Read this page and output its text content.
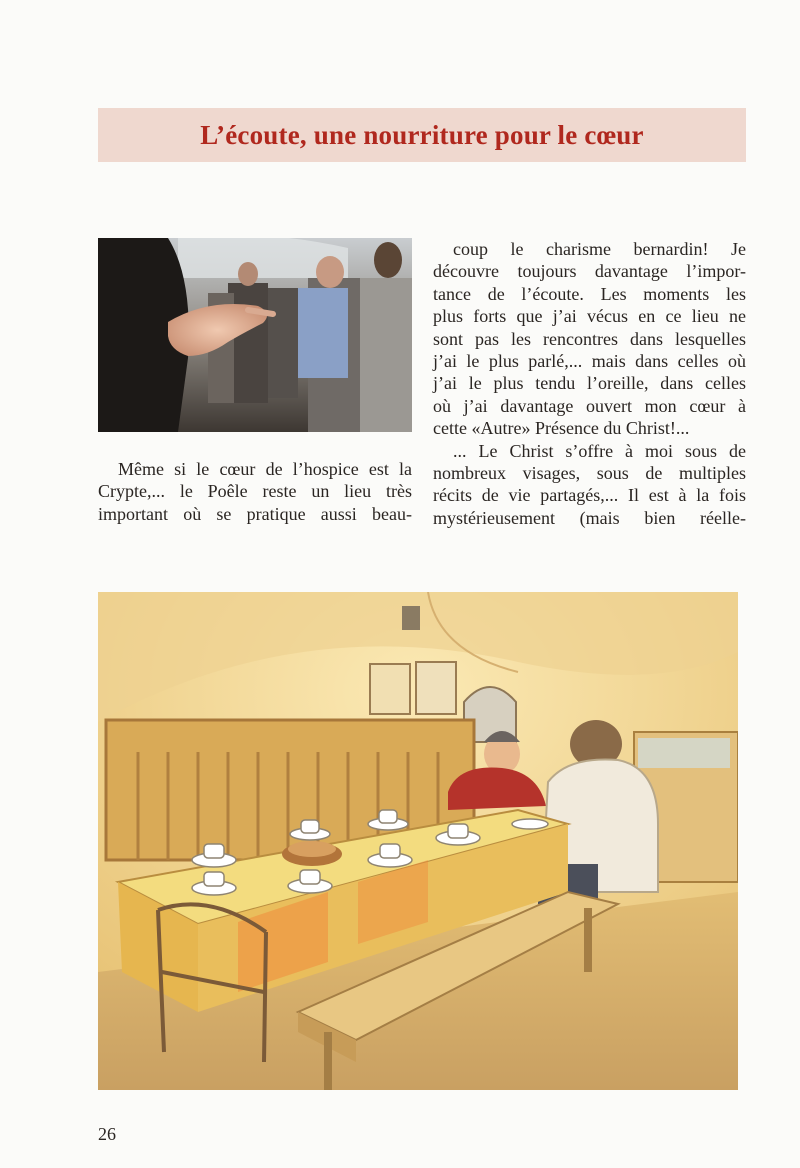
L’écoute, une nourriture pour le cœur

Même si le cœur de l’hospice est la

Crypte,... le Poêle reste un lieu très

important où se pratique aussi beau-

coup le charisme bernardin! Je

découvre toujours davantage l’impor-

tance de l’écoute. Les moments les

plus forts que j’ai vécus en ce lieu ne

sont pas les rencontres dans lesquelles

j’ai le plus parlé,... mais dans celles où

j’ai le plus tendu l’oreille, dans celles

où j’ai davantage ouvert mon cœur à

cette «Autre» Présence du Christ!...

... Le Christ s’offre à moi sous de

nombreux visages, sous de multiples

récits de vie partagés,... Il est à la fois

mystérieusement (mais bien réelle-

26
